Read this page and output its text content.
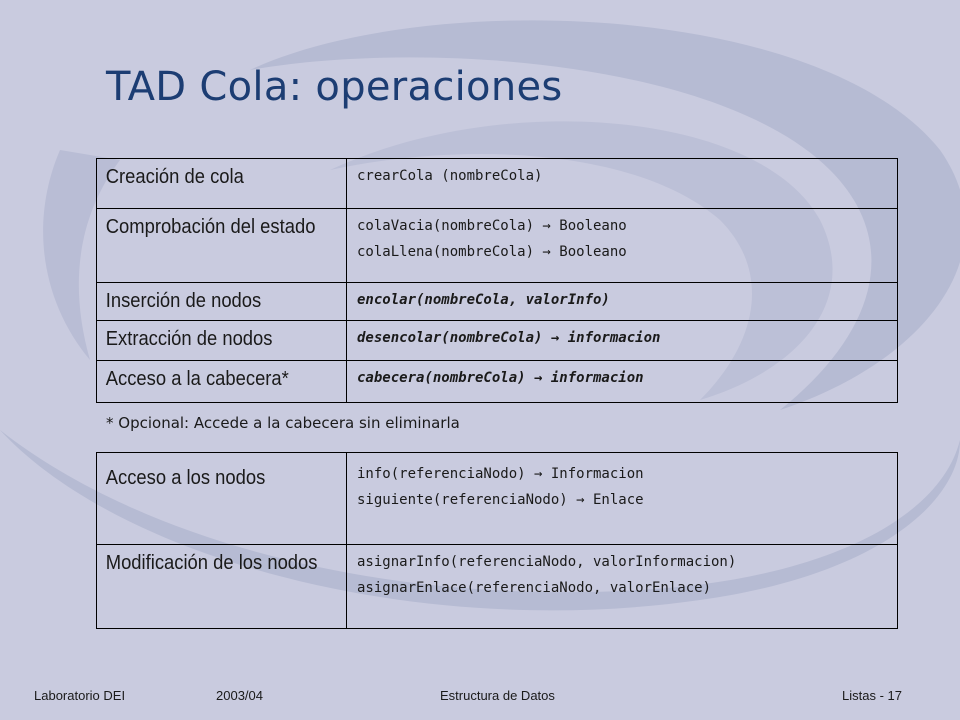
TAD Cola: operaciones
Creación de cola	crearCola (nombreCola)

Comprobación del estado	colaVacia(nombreCola) → Booleano
colaLlena(nombreCola) → Booleano

Inserción de nodos	encolar(nombreCola, valorInfo)

Extracción de nodos	desencolar(nombreCola) → informacion

Acceso a la cabecera*	cabecera(nombreCola) → informacion
* Opcional: Accede a la cabecera sin eliminarla
Acceso a los nodos	info(referenciaNodo) → Informacion
siguiente(referenciaNodo) → Enlace

Modificación de los nodos	asignarInfo(referenciaNodo, valorInformacion)
asignarEnlace(referenciaNodo, valorEnlace)
Laboratorio DEI	2003/04	Estructura de Datos	Listas - 17
